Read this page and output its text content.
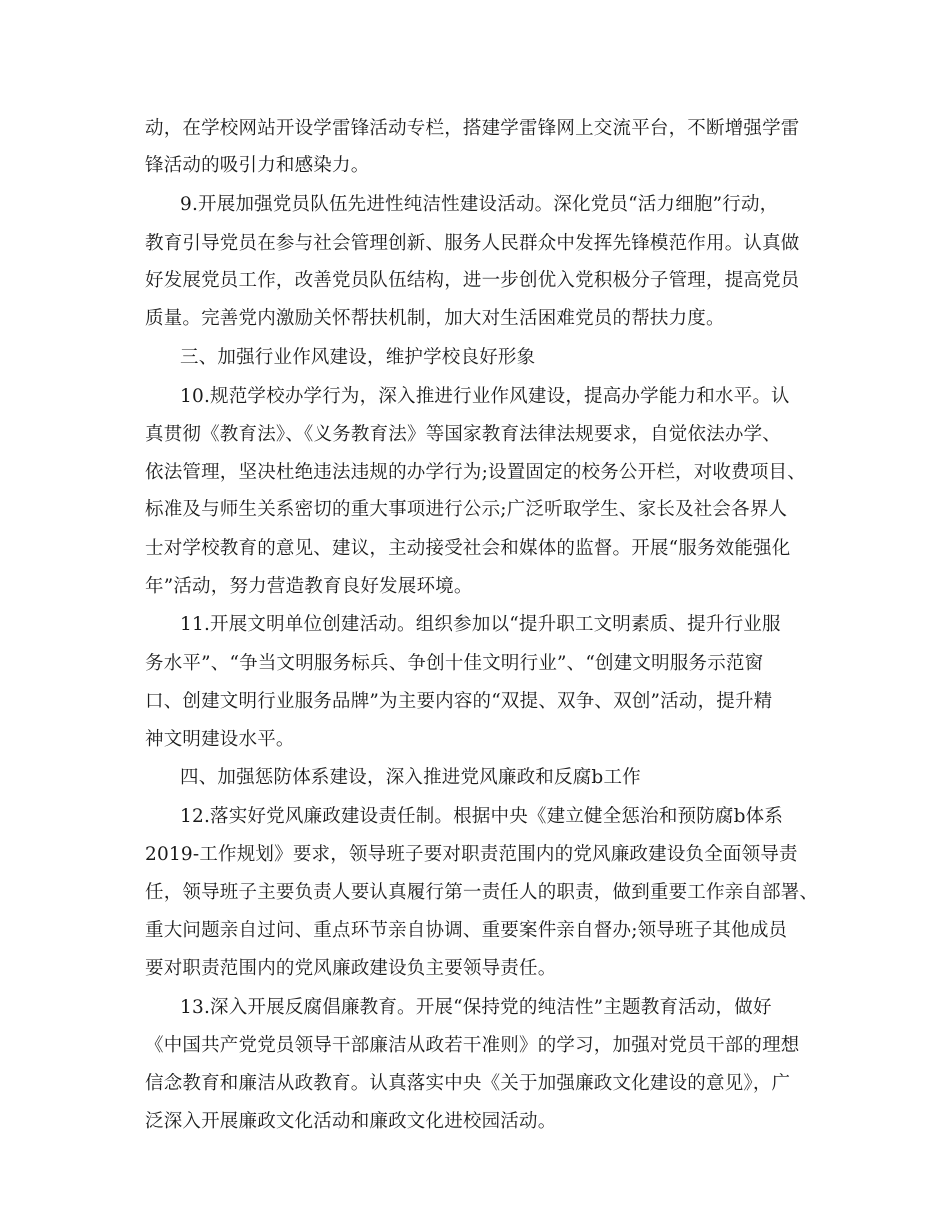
动，在学校网站开设学雷锋活动专栏，搭建学雷锋网上交流平台，不断增强学雷
锋活动的吸引力和感染力。
9.开展加强党员队伍先进性纯洁性建设活动。深化党员“活力细胞”行动，
教育引导党员在参与社会管理创新、服务人民群众中发挥先锋模范作用。认真做
好发展党员工作，改善党员队伍结构，进一步创优入党积极分子管理，提高党员
质量。完善党内激励关怀帮扶机制，加大对生活困难党员的帮扶力度。
三、加强行业作风建设，维护学校良好形象
10.规范学校办学行为，深入推进行业作风建设，提高办学能力和水平。认
真贯彻《教育法》、《义务教育法》等国家教育法律法规要求，自觉依法办学、
依法管理，坚决杜绝违法违规的办学行为;设置固定的校务公开栏，对收费项目、
标准及与师生关系密切的重大事项进行公示;广泛听取学生、家长及社会各界人
士对学校教育的意见、建议，主动接受社会和媒体的监督。开展“服务效能强化
年”活动，努力营造教育良好发展环境。
11.开展文明单位创建活动。组织参加以“提升职工文明素质、提升行业服
务水平”、“争当文明服务标兵、争创十佳文明行业”、“创建文明服务示范窗
口、创建文明行业服务品牌”为主要内容的“双提、双争、双创”活动，提升精
神文明建设水平。
四、加强惩防体系建设，深入推进党风廉政和反腐b工作
12.落实好党风廉政建设责任制。根据中央《建立健全惩治和预防腐b体系
2019-工作规划》要求，领导班子要对职责范围内的党风廉政建设负全面领导责
任，领导班子主要负责人要认真履行第一责任人的职责，做到重要工作亲自部署、
重大问题亲自过问、重点环节亲自协调、重要案件亲自督办;领导班子其他成员
要对职责范围内的党风廉政建设负主要领导责任。
13.深入开展反腐倡廉教育。开展“保持党的纯洁性”主题教育活动，做好
《中国共产党党员领导干部廉洁从政若干准则》的学习，加强对党员干部的理想
信念教育和廉洁从政教育。认真落实中央《关于加强廉政文化建设的意见》，广
泛深入开展廉政文化活动和廉政文化进校园活动。
